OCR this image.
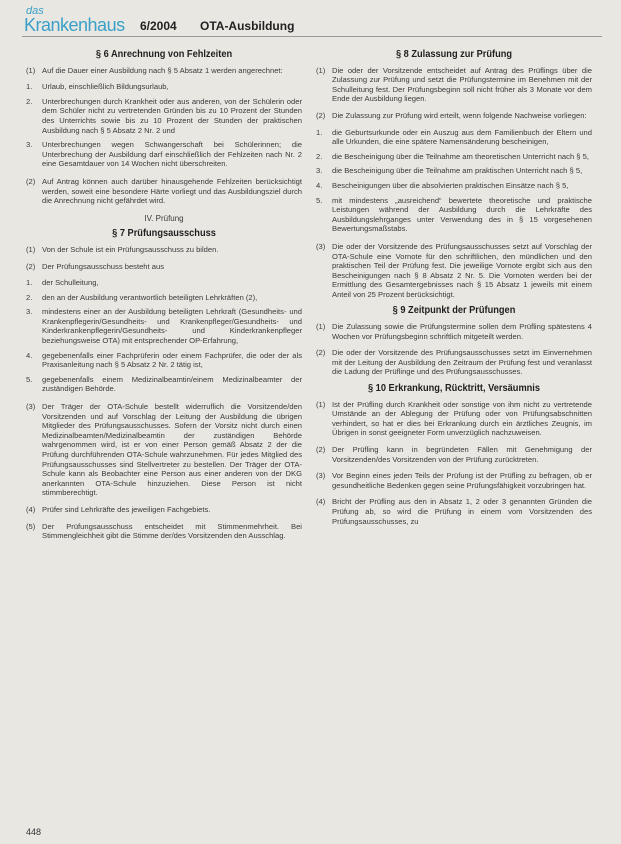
das
Krankenhaus 6/2004 OTA-Ausbildung
§ 6 Anrechnung von Fehlzeiten
(1) Auf die Dauer einer Ausbildung nach § 5 Absatz 1 werden angerechnet:
1.	Urlaub, einschließlich Bildungsurlaub,
2.	Unterbrechungen durch Krankheit oder aus anderen, von der Schülerin oder dem Schüler nicht zu vertretenden Gründen bis zu 10 Prozent der Stunden des Unterrichts sowie bis zu 10 Prozent der Stunden der praktischen Ausbildung nach § 5 Absatz 2 Nr. 2 und
3.	Unterbrechungen wegen Schwangerschaft bei Schülerinnen; die Unterbrechung der Ausbildung darf einschließlich der Fehlzeiten nach Nr. 2 eine Gesamtdauer von 14 Wochen nicht überschreiten.
(2) Auf Antrag können auch darüber hinausgehende Fehlzeiten berücksichtigt werden, soweit eine besondere Härte vorliegt und das Ausbildungsziel durch die Anrechnung nicht gefährdet wird.
IV. Prüfung
§ 7 Prüfungsausschuss
(1) Von der Schule ist ein Prüfungsausschuss zu bilden.
(2) Der Prüfungsausschuss besteht aus
1.	der Schulleitung,
2.	den an der Ausbildung verantwortlich beteiligten Lehrkräften (2),
3.	mindestens einer an der Ausbildung beteiligten Lehrkraft (Gesundheits- und Krankenpflegerin/Gesundheits- und Krankenpfleger/Gesundheits- und Kinderkrankenpflegerin/Gesundheits- und Kinderkrankenpfleger beziehungsweise OTA) mit entsprechender OP-Erfahrung,
4.	gegebenenfalls einer Fachprüferin oder einem Fachprüfer, die oder der als Praxisanleitung nach § 5 Absatz 2 Nr. 2 tätig ist,
5.	gegebenenfalls einem Medizinalbeamtin/einem Medizinalbeamter der zuständigen Behörde.
(3) Der Träger der OTA-Schule bestellt widerruflich die Vorsitzende/den Vorsitzenden und auf Vorschlag der Leitung der Ausbildung die übrigen Mitglieder des Prüfungsausschusses. Sofern der Vorsitz nicht durch einen Medizinalbeamten/Medizinalbeamtin der zuständigen Behörde wahrgenommen wird, ist er von einer Person gemäß Absatz 2 der die Prüfung durchführenden OTA-Schule wahrzunehmen. Für jedes Mitglied des Prüfungsausschusses sind Stellvertreter zu bestellen. Der Träger der OTA-Schule kann als Beobachter eine Person aus einer anderen von der DKG anerkannten OTA-Schule hinzuziehen. Diese Person ist nicht stimmberechtigt.
(4) Prüfer sind Lehrkräfte des jeweiligen Fachgebiets.
(5) Der Prüfungsausschuss entscheidet mit Stimmenmehrheit. Bei Stimmengleichheit gibt die Stimme der/des Vorsitzenden den Ausschlag.
§ 8 Zulassung zur Prüfung
(1) Die oder der Vorsitzende entscheidet auf Antrag des Prüflings über die Zulassung zur Prüfung und setzt die Prüfungstermine im Benehmen mit der Schulleitung fest. Der Prüfungsbeginn soll nicht früher als 3 Monate vor dem Ende der Ausbildung liegen.
(2) Die Zulassung zur Prüfung wird erteilt, wenn folgende Nachweise vorliegen:
1.	die Geburtsurkunde oder ein Auszug aus dem Familienbuch der Eltern und alle Urkunden, die eine spätere Namensänderung bescheinigen,
2.	die Bescheinigung über die Teilnahme am theoretischen Unterricht nach § 5,
3.	die Bescheinigung über die Teilnahme am praktischen Unterricht nach § 5,
4.	Bescheinigungen über die absolvierten praktischen Einsätze nach § 5,
5.	mit mindestens „ausreichend“ bewertete theoretische und praktische Leistungen während der Ausbildung durch die Lehrkräfte des Ausbildungslehrganges unter Verwendung des in § 15 vorgesehenen Bewertungsmaßstabs.
(3) Die oder der Vorsitzende des Prüfungsausschusses setzt auf Vorschlag der OTA-Schule eine Vornote für den schriftlichen, den mündlichen und den praktischen Teil der Prüfung fest. Die jeweilige Vornote ergibt sich aus den Bescheinigungen nach § 8 Absatz 2 Nr. 5. Die Vornoten werden bei der Ermittlung des Gesamtergebnisses nach § 15 Absatz 1 jeweils mit einem Anteil von 25 Prozent berücksichtigt.
§ 9 Zeitpunkt der Prüfungen
(1) Die Zulassung sowie die Prüfungstermine sollen dem Prüfling spätestens 4 Wochen vor Prüfungsbeginn schriftlich mitgeteilt werden.
(2) Die oder der Vorsitzende des Prüfungsausschusses setzt im Einvernehmen mit der Leitung der Ausbildung den Zeitraum der Prüfung fest und veranlasst die Ladung der Prüflinge und des Prüfungsausschusses.
§ 10 Erkrankung, Rücktritt, Versäumnis
(1) Ist der Prüfling durch Krankheit oder sonstige von ihm nicht zu vertretende Umstände an der Ablegung der Prüfung oder von Prüfungsabschnitten verhindert, so hat er dies bei Erkrankung durch ein ärztliches Zeugnis, im Übrigen in sonst geeigneter Form unverzüglich nachzuweisen.
(2) Der Prüfling kann in begründeten Fällen mit Genehmigung der Vorsitzenden/des Vorsitzenden von der Prüfung zurücktreten.
(3) Vor Beginn eines jeden Teils der Prüfung ist der Prüfling zu befragen, ob er gesundheitliche Bedenken gegen seine Prüfungsfähigkeit vorzubringen hat.
(4) Bricht der Prüfling aus den in Absatz 1, 2 oder 3 genannten Gründen die Prüfung ab, so wird die Prüfung in einem vom Vorsitzenden des Prüfungsausschusses, zu
448
